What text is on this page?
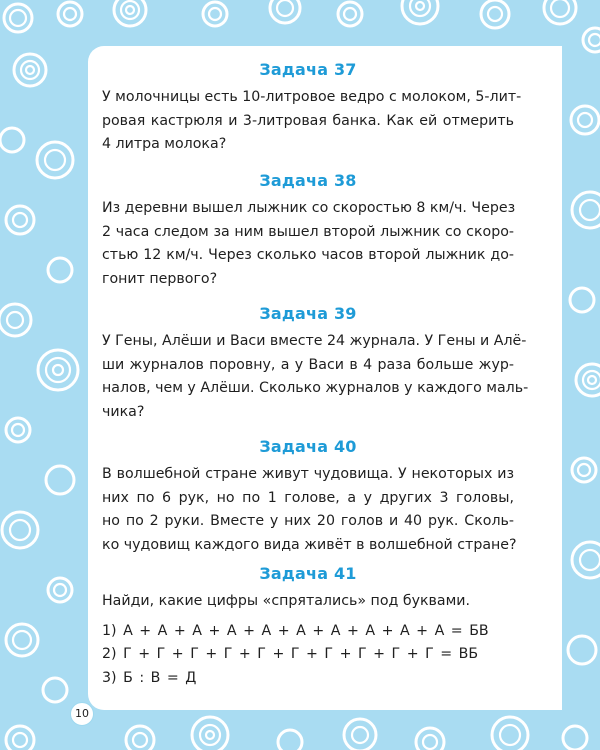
Задача 37
У молочницы есть 10-литровое ведро с молоком, 5-лит-
ровая кастрюля и 3-литровая банка. Как ей отмерить
4 литра молока?
Задача 38
Из деревни вышел лыжник со скоростью 8 км/ч. Через
2 часа следом за ним вышел второй лыжник со скоро-
стью 12 км/ч. Через сколько часов второй лыжник до-
гонит первого?
Задача 39
У Гены, Алёши и Васи вместе 24 журнала. У Гены и Алё-
ши журналов поровну, а у Васи в 4 раза больше жур-
налов, чем у Алёши. Сколько журналов у каждого маль-
чика?
Задача 40
В волшебной стране живут чудовища. У некоторых из
них по 6 рук, но по 1 голове, а у других 3 головы,
но по 2 руки. Вместе у них 20 голов и 40 рук. Сколь-
ко чудовищ каждого вида живёт в волшебной стране?
Задача 41
Найди, какие цифры «спрятались» под буквами.
1) А + А + А + А + А + А + А + А + А + А = БВ
2) Г + Г + Г + Г + Г + Г + Г + Г + Г + Г = ВБ
3) Б : В = Д
10
